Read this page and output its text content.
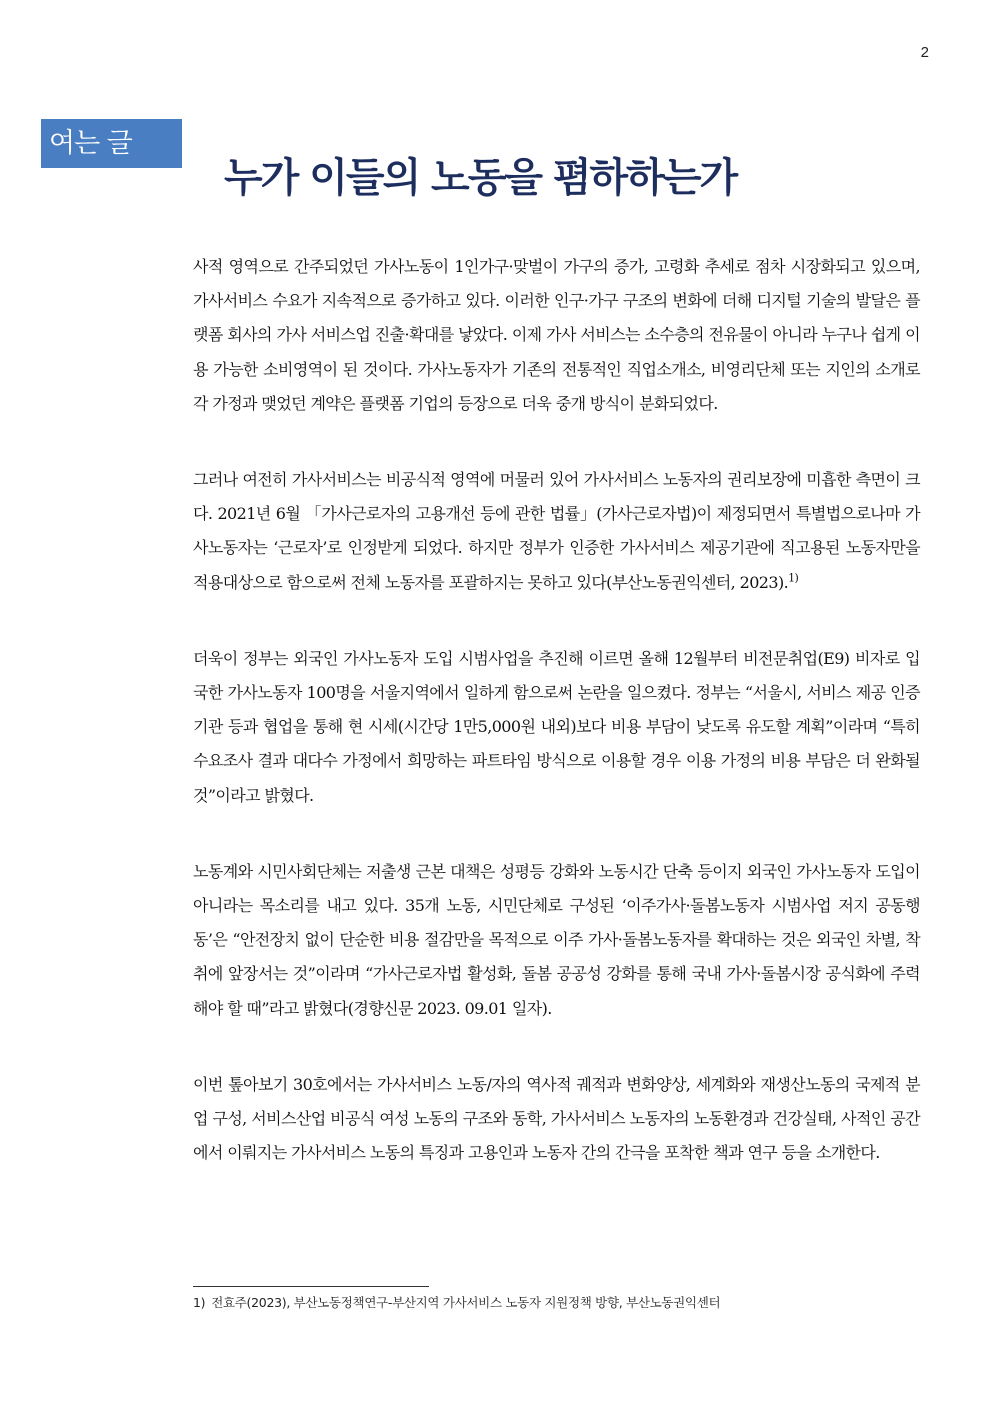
2
여는 글
누가 이들의 노동을 폄하하는가

사적 영역으로 간주되었던 가사노동이 1인가구·맞벌이 가구의 증가, 고령화 추세로 점차 시장화되고 있으며, 가사서비스 수요가 지속적으로 증가하고 있다. 이러한 인구·가구 구조의 변화에 더해 디지털 기술의 발달은 플랫폼 회사의 가사 서비스업 진출·확대를 낳았다. 이제 가사 서비스는 소수층의 전유물이 아니라 누구나 쉽게 이용 가능한 소비영역이 된 것이다. 가사노동자가 기존의 전통적인 직업소개소, 비영리단체 또는 지인의 소개로 각 가정과 맺었던 계약은 플랫폼 기업의 등장으로 더욱 중개 방식이 분화되었다.

그러나 여전히 가사서비스는 비공식적 영역에 머물러 있어 가사서비스 노동자의 권리보장에 미흡한 측면이 크다. 2021년 6월 「가사근로자의 고용개선 등에 관한 법률」(가사근로자법)이 제정되면서 특별법으로나마 가사노동자는 ‘근로자’로 인정받게 되었다. 하지만 정부가 인증한 가사서비스 제공기관에 직고용된 노동자만을 적용대상으로 함으로써 전체 노동자를 포괄하지는 못하고 있다(부산노동권익센터, 2023).$^{1)}$

더욱이 정부는 외국인 가사노동자 도입 시범사업을 추진해 이르면 올해 12월부터 비전문취업(E9) 비자로 입국한 가사노동자 100명을 서울지역에서 일하게 함으로써 논란을 일으켰다. 정부는 “서울시, 서비스 제공 인증기관 등과 협업을 통해 현 시세(시간당 1만5,000원 내외)보다 비용 부담이 낮도록 유도할 계획”이라며 “특히 수요조사 결과 대다수 가정에서 희망하는 파트타임 방식으로 이용할 경우 이용 가정의 비용 부담은 더 완화될 것”이라고 밝혔다.

노동계와 시민사회단체는 저출생 근본 대책은 성평등 강화와 노동시간 단축 등이지 외국인 가사노동자 도입이 아니라는 목소리를 내고 있다. 35개 노동, 시민단체로 구성된 ‘이주가사·돌봄노동자 시범사업 저지 공동행동’은 “안전장치 없이 단순한 비용 절감만을 목적으로 이주 가사·돌봄노동자를 확대하는 것은 외국인 차별, 착취에 앞장서는 것”이라며 “가사근로자법 활성화, 돌봄 공공성 강화를 통해 국내 가사·돌봄시장 공식화에 주력해야 할 때”라고 밝혔다(경향신문 2023. 09.01 일자).

이번 톺아보기 30호에서는 가사서비스 노동/자의 역사적 궤적과 변화양상, 세계화와 재생산노동의 국제적 분업 구성, 서비스산업 비공식 여성 노동의 구조와 동학, 가사서비스 노동자의 노동환경과 건강실태, 사적인 공간에서 이뤄지는 가사서비스 노동의 특징과 고용인과 노동자 간의 간극을 포착한 책과 연구 등을 소개한다.

1) 전효주(2023), 부산노동정책연구-부산지역 가사서비스 노동자 지원정책 방향, 부산노동권익센터
